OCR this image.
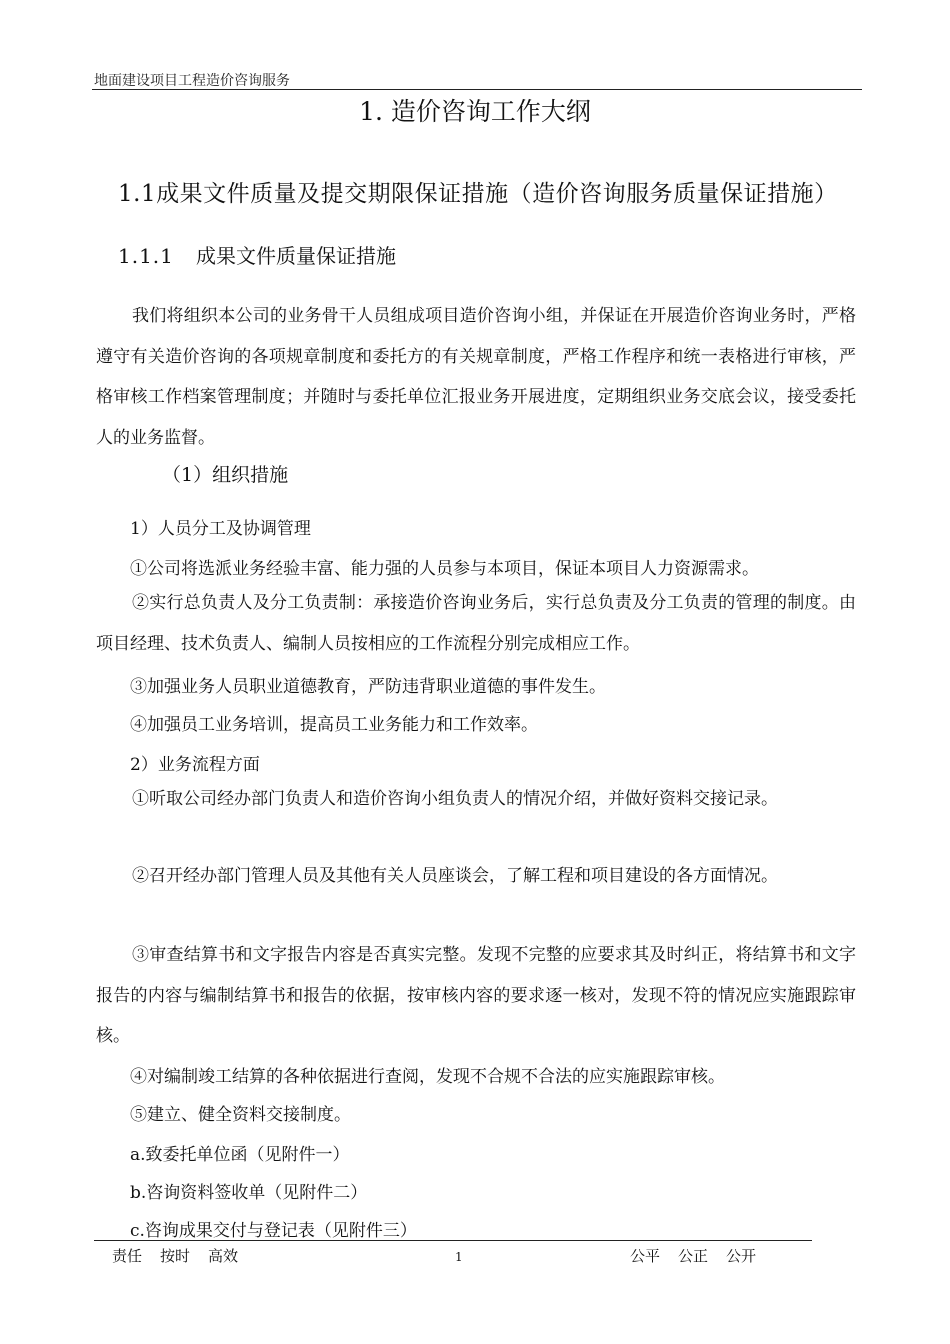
地面建设项目工程造价咨询服务
1. 造价咨询工作大纲
1.1成果文件质量及提交期限保证措施（造价咨询服务质量保证措施）
1.1.1 成果文件质量保证措施
我们将组织本公司的业务骨干人员组成项目造价咨询小组，并保证在开展造价咨询业务时，严格遵守有关造价咨询的各项规章制度和委托方的有关规章制度，严格工作程序和统一表格进行审核，严格审核工作档案管理制度；并随时与委托单位汇报业务开展进度，定期组织业务交底会议，接受委托人的业务监督。
（1）组织措施
1）人员分工及协调管理
①公司将选派业务经验丰富、能力强的人员参与本项目，保证本项目人力资源需求。
②实行总负责人及分工负责制：承接造价咨询业务后，实行总负责及分工负责的管理的制度。由项目经理、技术负责人、编制人员按相应的工作流程分别完成相应工作。
③加强业务人员职业道德教育，严防违背职业道德的事件发生。
④加强员工业务培训，提高员工业务能力和工作效率。
2）业务流程方面
①听取公司经办部门负责人和造价咨询小组负责人的情况介绍，并做好资料交接记录。
②召开经办部门管理人员及其他有关人员座谈会，了解工程和项目建设的各方面情况。
③审查结算书和文字报告内容是否真实完整。发现不完整的应要求其及时纠正，将结算书和文字报告的内容与编制结算书和报告的依据，按审核内容的要求逐一核对，发现不符的情况应实施跟踪审核。
④对编制竣工结算的各种依据进行查阅，发现不合规不合法的应实施跟踪审核。
⑤建立、健全资料交接制度。
a.致委托单位函（见附件一）
b.咨询资料签收单（见附件二）
c.咨询成果交付与登记表（见附件三）
责任 按时 高效	1	公平 公正 公开
